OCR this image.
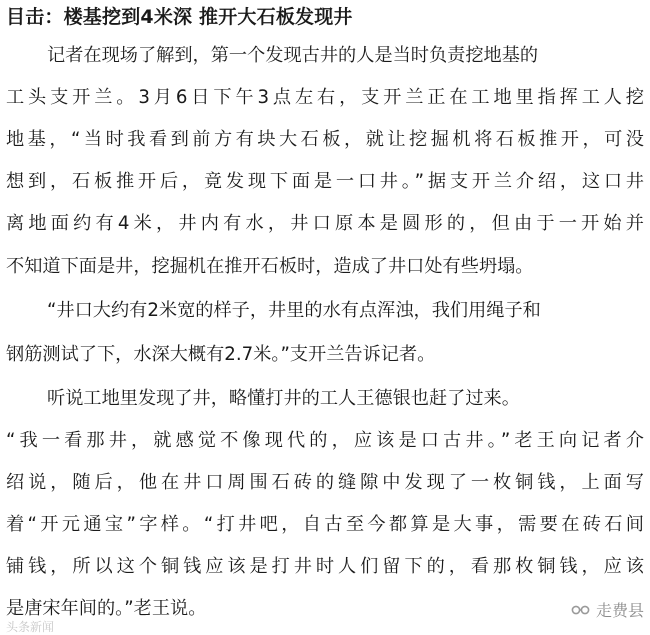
目击：楼基挖到4米深 推开大石板发现井
记者在现场了解到，第一个发现古井的人是当时负责挖地基的
工头支开兰。3月6日下午3点左右，支开兰正在工地里指挥工人挖
地基，“当时我看到前方有块大石板，就让挖掘机将石板推开，可没
想到，石板推开后，竟发现下面是一口井。”据支开兰介绍，这口井
离地面约有4米，井内有水，井口原本是圆形的，但由于一开始并
不知道下面是井，挖掘机在推开石板时，造成了井口处有些坍塌。
“井口大约有2米宽的样子，井里的水有点浑浊，我们用绳子和
钢筋测试了下，水深大概有2.7米。”支开兰告诉记者。
听说工地里发现了井，略懂打井的工人王德银也赶了过来。
“我一看那井，就感觉不像现代的，应该是口古井。”老王向记者介
绍说，随后，他在井口周围石砖的缝隙中发现了一枚铜钱，上面写
着“开元通宝”字样。“打井吧，自古至今都算是大事，需要在砖石间
铺钱，所以这个铜钱应该是打井时人们留下的，看那枚铜钱，应该
是唐宋年间的。”老王说。
头条新闻
走费县
